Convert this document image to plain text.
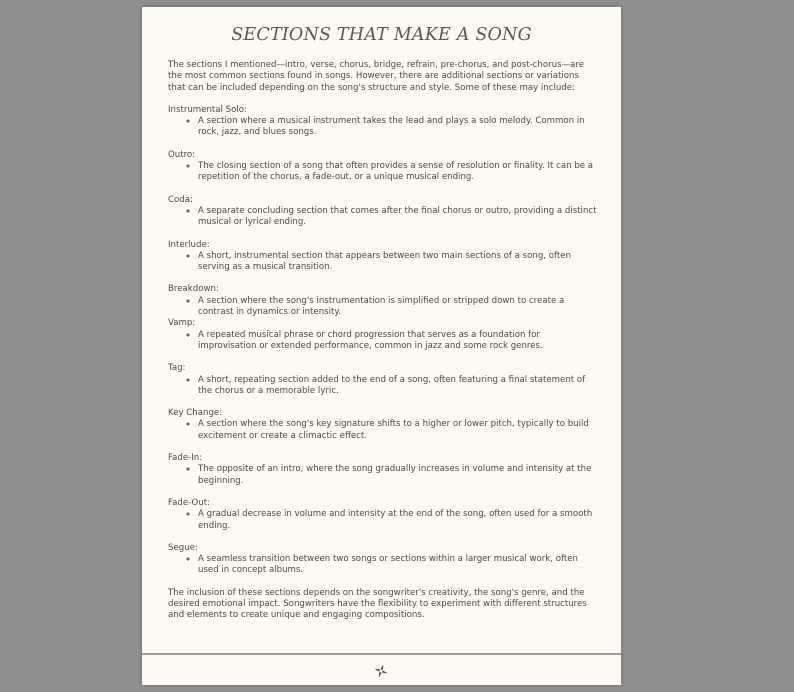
SECTIONS THAT MAKE A SONG

The sections I mentioned—intro, verse, chorus, bridge, refrain, pre-chorus, and post-chorus—are the most common sections found in songs. However, there are additional sections or variations that can be included depending on the song's structure and style. Some of these may include:

Instrumental Solo:

◦ A section where a musical instrument takes the lead and plays a solo melody. Common in rock, jazz, and blues songs.

Outro:

◦ The closing section of a song that often provides a sense of resolution or finality. It can be a repetition of the chorus, a fade-out, or a unique musical ending.

Coda:

◦ A separate concluding section that comes after the final chorus or outro, providing a distinct musical or lyrical ending.

Interlude:

◦ A short, instrumental section that appears between two main sections of a song, often serving as a musical transition.

Breakdown:

◦ A section where the song's instrumentation is simplified or stripped down to create a contrast in dynamics or intensity.

Vamp:

◦ A repeated musical phrase or chord progression that serves as a foundation for improvisation or extended performance, common in jazz and some rock genres.

Tag:

◦ A short, repeating section added to the end of a song, often featuring a final statement of the chorus or a memorable lyric.

Key Change:

◦ A section where the song's key signature shifts to a higher or lower pitch, typically to build excitement or create a climactic effect.

Fade-In:

◦ The opposite of an intro, where the song gradually increases in volume and intensity at the beginning.

Fade-Out:

◦ A gradual decrease in volume and intensity at the end of the song, often used for a smooth ending.

Segue:

◦ A seamless transition between two songs or sections within a larger musical work, often used in concept albums.

The inclusion of these sections depends on the songwriter's creativity, the song's genre, and the desired emotional impact. Songwriters have the flexibility to experiment with different structures and elements to create unique and engaging compositions.
